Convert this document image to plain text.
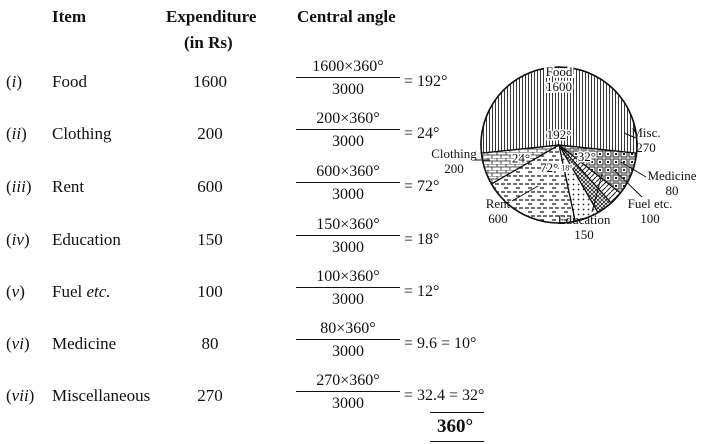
Item	Expenditure
(in Rs)
Central angle
(i) Food	1600	$\frac{1600\times 360^\circ}{3000} = 192^\circ$
(ii) Clothing	200	$\frac{200\times 360^\circ}{3000} = 24^\circ$
(iii) Rent	600	$\frac{600\times 360^\circ}{3000} = 72^\circ$
(iv) Education	150	$\frac{150\times 360^\circ}{3000} = 18^\circ$
(v) Fuel etc.	100	$\frac{100\times 360^\circ}{3000} = 12^\circ$
(vi) Medicine	80	$\frac{80\times 360^\circ}{3000} = 9.6 = 10^\circ$
(vii) Miscellaneous	270	$\frac{270\times 360^\circ}{3000} = 32.4 = 32^\circ$
360°
192°
32°
18°
72°
24°
Food
1600
Misc.
270
Medicine
80
Fuel etc.
100
Education
150
Rent
600
Clothing
200
